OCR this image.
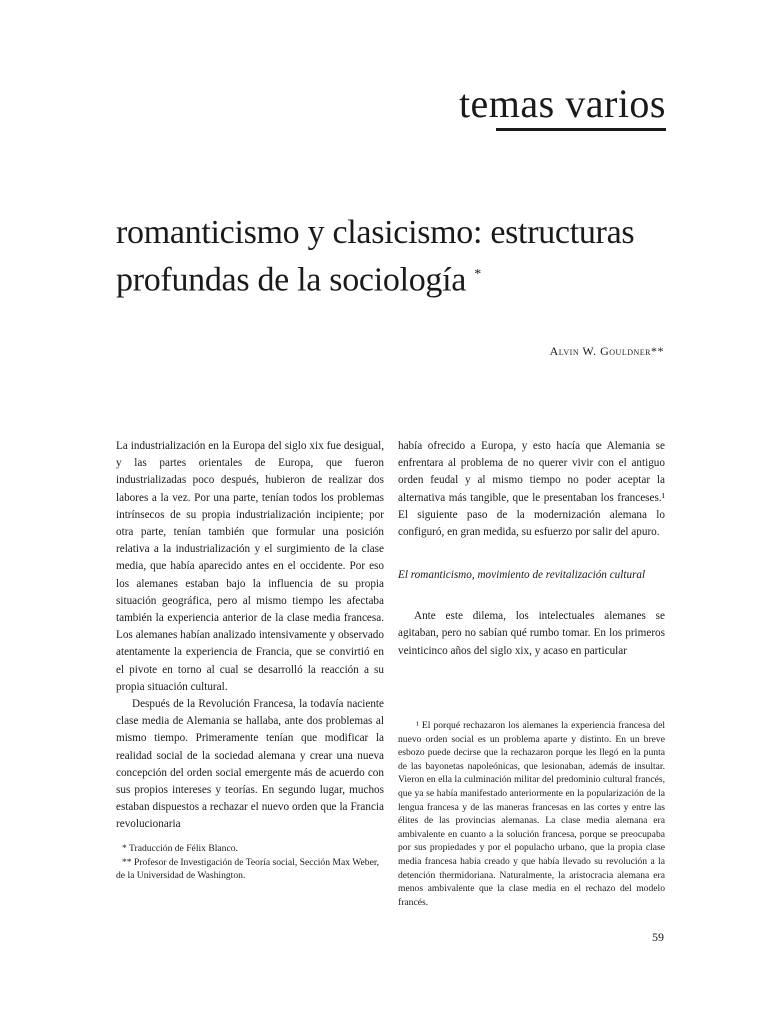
temas varios
romanticismo y clasicismo: estructuras profundas de la sociología *
Alvin W. Gouldner**

La industrialización en la Europa del siglo xix fue desigual, y las partes orientales de Europa, que fueron industrializadas poco después, hubieron de realizar dos labores a la vez. Por una parte, tenían todos los problemas intrínsecos de su propia industrialización incipiente; por otra parte, tenían también que formular una posición relativa a la industrialización y el surgimiento de la clase media, que había aparecido antes en el occidente. Por eso los alemanes estaban bajo la influencia de su propia situación geográfica, pero al mismo tiempo les afectaba también la experiencia anterior de la clase media francesa. Los alemanes habían analizado intensivamente y observado atentamente la experiencia de Francia, que se convirtió en el pivote en torno al cual se desarrolló la reacción a su propia situación cultural.

Después de la Revolución Francesa, la todavía naciente clase media de Alemania se hallaba, ante dos problemas al mismo tiempo. Primeramente tenían que modificar la realidad social de la sociedad alemana y crear una nueva concepción del orden social emergente más de acuerdo con sus propios intereses y teorías. En segundo lugar, muchos estaban dispuestos a rechazar el nuevo orden que la Francia revolucionaria

había ofrecido a Europa, y esto hacía que Alemania se enfrentara al problema de no querer vivir con el antiguo orden feudal y al mismo tiempo no poder aceptar la alternativa más tangible, que le presentaban los franceses.¹ El siguiente paso de la modernización alemana lo configuró, en gran medida, su esfuerzo por salir del apuro.

El romanticismo, movimiento de revitalización cultural

Ante este dilema, los intelectuales alemanes se agitaban, pero no sabían qué rumbo tomar. En los primeros veinticinco años del siglo xix, y acaso en particular

¹ El porqué rechazaron los alemanes la experiencia francesa del nuevo orden social es un problema aparte y distinto. En un breve esbozo puede decirse que la rechazaron porque les llegó en la punta de las bayonetas napoleónicas, que lesionaban, además de insultar. Vieron en ella la culminación militar del predominio cultural francés, que ya se había manifestado anteriormente en la popularización de la lengua francesa y de las maneras francesas en las cortes y entre las élites de las provincias alemanas. La clase media alemana era ambivalente en cuanto a la solución francesa, porque se preocupaba por sus propiedades y por el populacho urbano, que la propia clase media francesa había creado y que había llevado su revolución a la detención thermidoriana. Naturalmente, la aristocracia alemana era menos ambivalente que la clase media en el rechazo del modelo francés.

* Traducción de Félix Blanco.

** Profesor de Investigación de Teoría social, Sección Max Weber, de la Universidad de Washington.

59
